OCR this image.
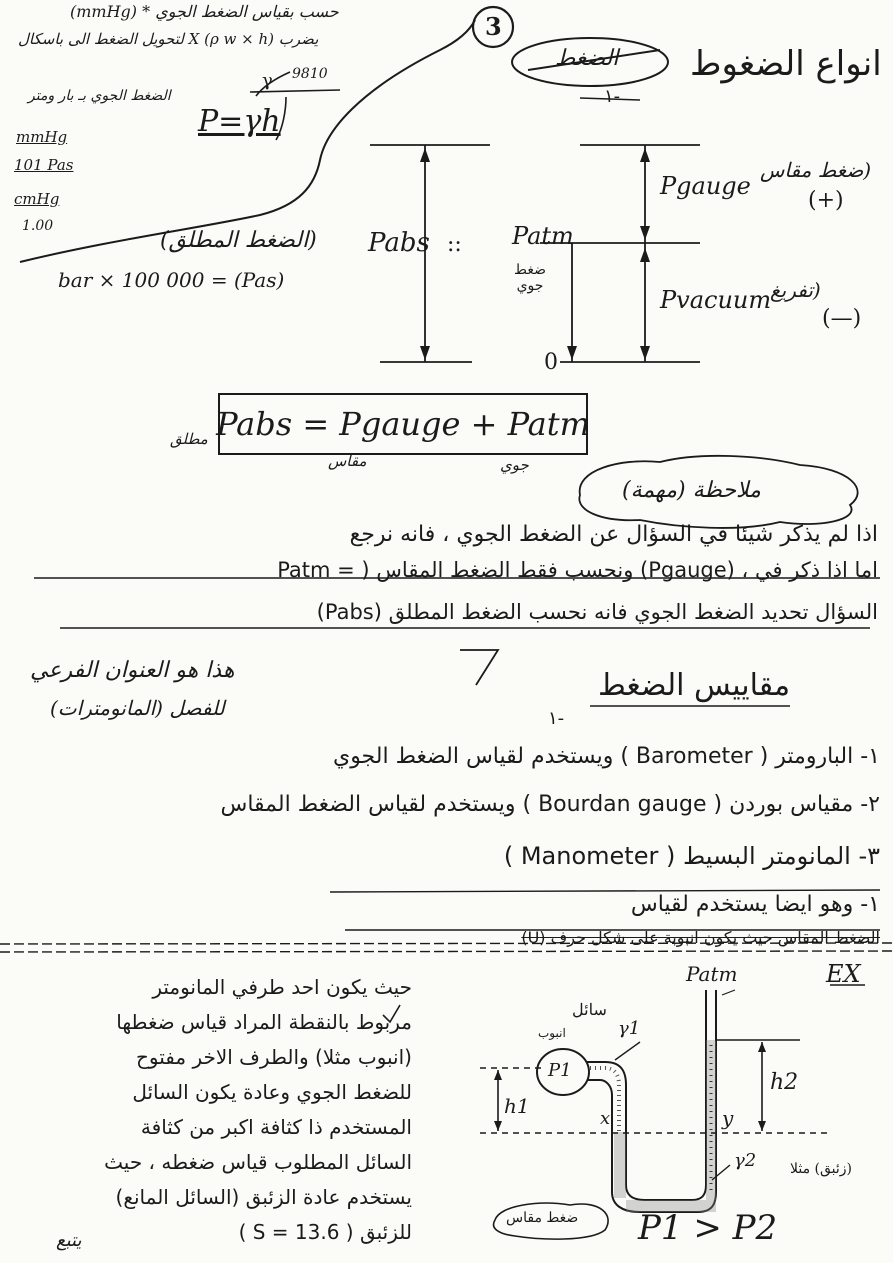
(mmHg) * حسب بقياس الضغط الجوي
3
يضرب X (ρ w × h) لتحويل الضغط الى باسكال
9810
γ
P=γh
الضغط الجوي بـ بار ومتر
mmHg
101 Pas
cmHg
1.00
الضغط انواع الضغوط
١-
(الضغط المطلق) Pabs :: Patm
ضغط جوي
Pgauge
(ضغط مقاس
(+)
Pvacuum
(تفريغ
(—)
0
bar × 100 000 = (Pas)
Pabs = Pgauge + Patm
مطلق
مقاس	جوي
ملاحظة (مهمة)
اذا لم يذكر شيئا في السؤال عن الضغط الجوي ، فانه نرجع
Patm = ) ونحسب فقط الضغط المقاس (Pgauge) ، اما اذا ذكر في
السؤال تحديد الضغط الجوي فانه نحسب الضغط المطلق (Pabs)
هذا هو العنوان الفرعي
للفصل (المانومترات)
مقاييس الضغط
١-
١- البارومتر ( Barometer ) ويستخدم لقياس الضغط الجوي
٢- مقياس بوردن ( Bourdan gauge ) ويستخدم لقياس الضغط المقاس
٣- المانومتر البسيط ( Manometer )
١- وهو ايضا يستخدم لقياس
الضغط المقاس حيث يكون انبوبة على شكل حرف (U)
حيث يكون احد طرفي المانومتر
مربوط بالنقطة المراد قياس ضغطها
(انبوب مثلا) والطرف الاخر مفتوح
للضغط الجوي وعادة يكون السائل
المستخدم ذا كثافة اكبر من كثافة
السائل المطلوب قياس ضغطه ، حيث
يستخدم عادة الزئبق (السائل المانع)
للزئبق ( S = 13.6 )
يتبع
EX
Patm
سائل
γ1
انبوب
P1
h1
h2
x	y
γ2 (زئبق) مثلا
ضغط مقاس P1 > P2
